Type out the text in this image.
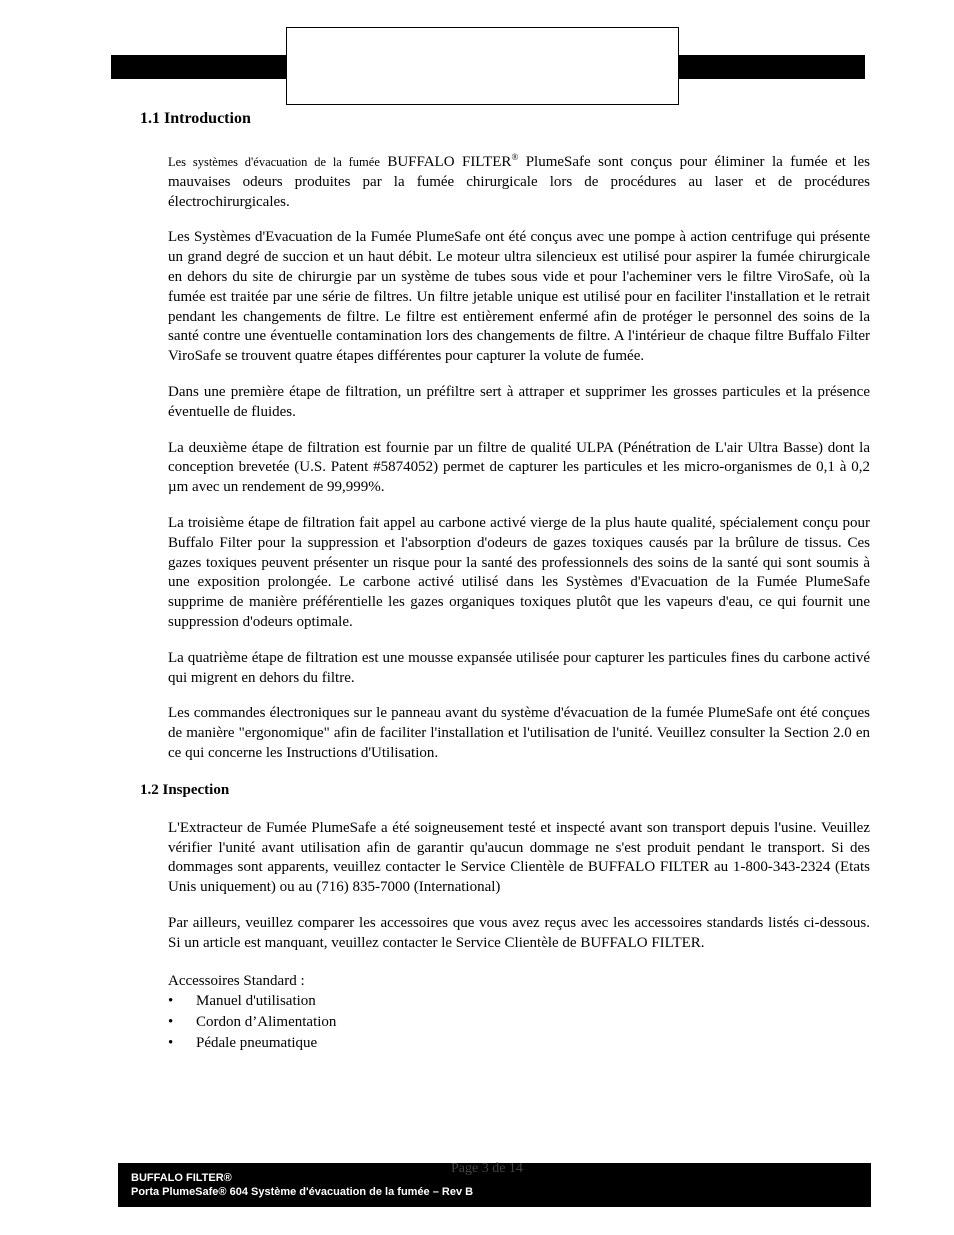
1.1 Introduction

Les systèmes d'évacuation de la fumée BUFFALO FILTER® PlumeSafe sont conçus pour éliminer la fumée et les mauvaises odeurs produites par la fumée chirurgicale lors de procédures au laser et de procédures électrochirurgicales.

Les Systèmes d'Evacuation de la Fumée PlumeSafe ont été conçus avec une pompe à action centrifuge qui présente un grand degré de succion et un haut débit. Le moteur ultra silencieux est utilisé pour aspirer la fumée chirurgicale en dehors du site de chirurgie par un système de tubes sous vide et pour l'acheminer vers le filtre ViroSafe, où la fumée est traitée par une série de filtres. Un filtre jetable unique est utilisé pour en faciliter l'installation et le retrait pendant les changements de filtre. Le filtre est entièrement enfermé afin de protéger le personnel des soins de la santé contre une éventuelle contamination lors des changements de filtre. A l'intérieur de chaque filtre Buffalo Filter ViroSafe se trouvent quatre étapes différentes pour capturer la volute de fumée.

Dans une première étape de filtration, un préfiltre sert à attraper et supprimer les grosses particules et la présence éventuelle de fluides.

La deuxième étape de filtration est fournie par un filtre de qualité ULPA (Pénétration de L'air Ultra Basse) dont la conception brevetée (U.S. Patent #5874052) permet de capturer les particules et les micro-organismes de 0,1 à 0,2 µm avec un rendement de 99,999%.

La troisième étape de filtration fait appel au carbone activé vierge de la plus haute qualité, spécialement conçu pour Buffalo Filter pour la suppression et l'absorption d'odeurs de gazes toxiques causés par la brûlure de tissus. Ces gazes toxiques peuvent présenter un risque pour la santé des professionnels des soins de la santé qui sont soumis à une exposition prolongée. Le carbone activé utilisé dans les Systèmes d'Evacuation de la Fumée PlumeSafe supprime de manière préférentielle les gazes organiques toxiques plutôt que les vapeurs d'eau, ce qui fournit une suppression d'odeurs optimale.

La quatrième étape de filtration est une mousse expansée utilisée pour capturer les particules fines du carbone activé qui migrent en dehors du filtre.

Les commandes électroniques sur le panneau avant du système d'évacuation de la fumée PlumeSafe ont été conçues de manière "ergonomique" afin de faciliter l'installation et l'utilisation de l'unité. Veuillez consulter la Section 2.0 en ce qui concerne les Instructions d'Utilisation.

1.2 Inspection

L'Extracteur de Fumée PlumeSafe a été soigneusement testé et inspecté avant son transport depuis l'usine. Veuillez vérifier l'unité avant utilisation afin de garantir qu'aucun dommage ne s'est produit pendant le transport. Si des dommages sont apparents, veuillez contacter le Service Clientèle de BUFFALO FILTER au 1-800-343-2324 (Etats Unis uniquement) ou au (716) 835-7000 (International)

Par ailleurs, veuillez comparer les accessoires que vous avez reçus avec les accessoires standards listés ci-dessous. Si un article est manquant, veuillez contacter le Service Clientèle de BUFFALO FILTER.

Accessoires Standard :
• Manuel d'utilisation
• Cordon d’Alimentation
• Pédale pneumatique
BUFFALO FILTER®
Porta PlumeSafe® 604 Système d'évacuation de la fumée – Rev B
Page 3 de 14
